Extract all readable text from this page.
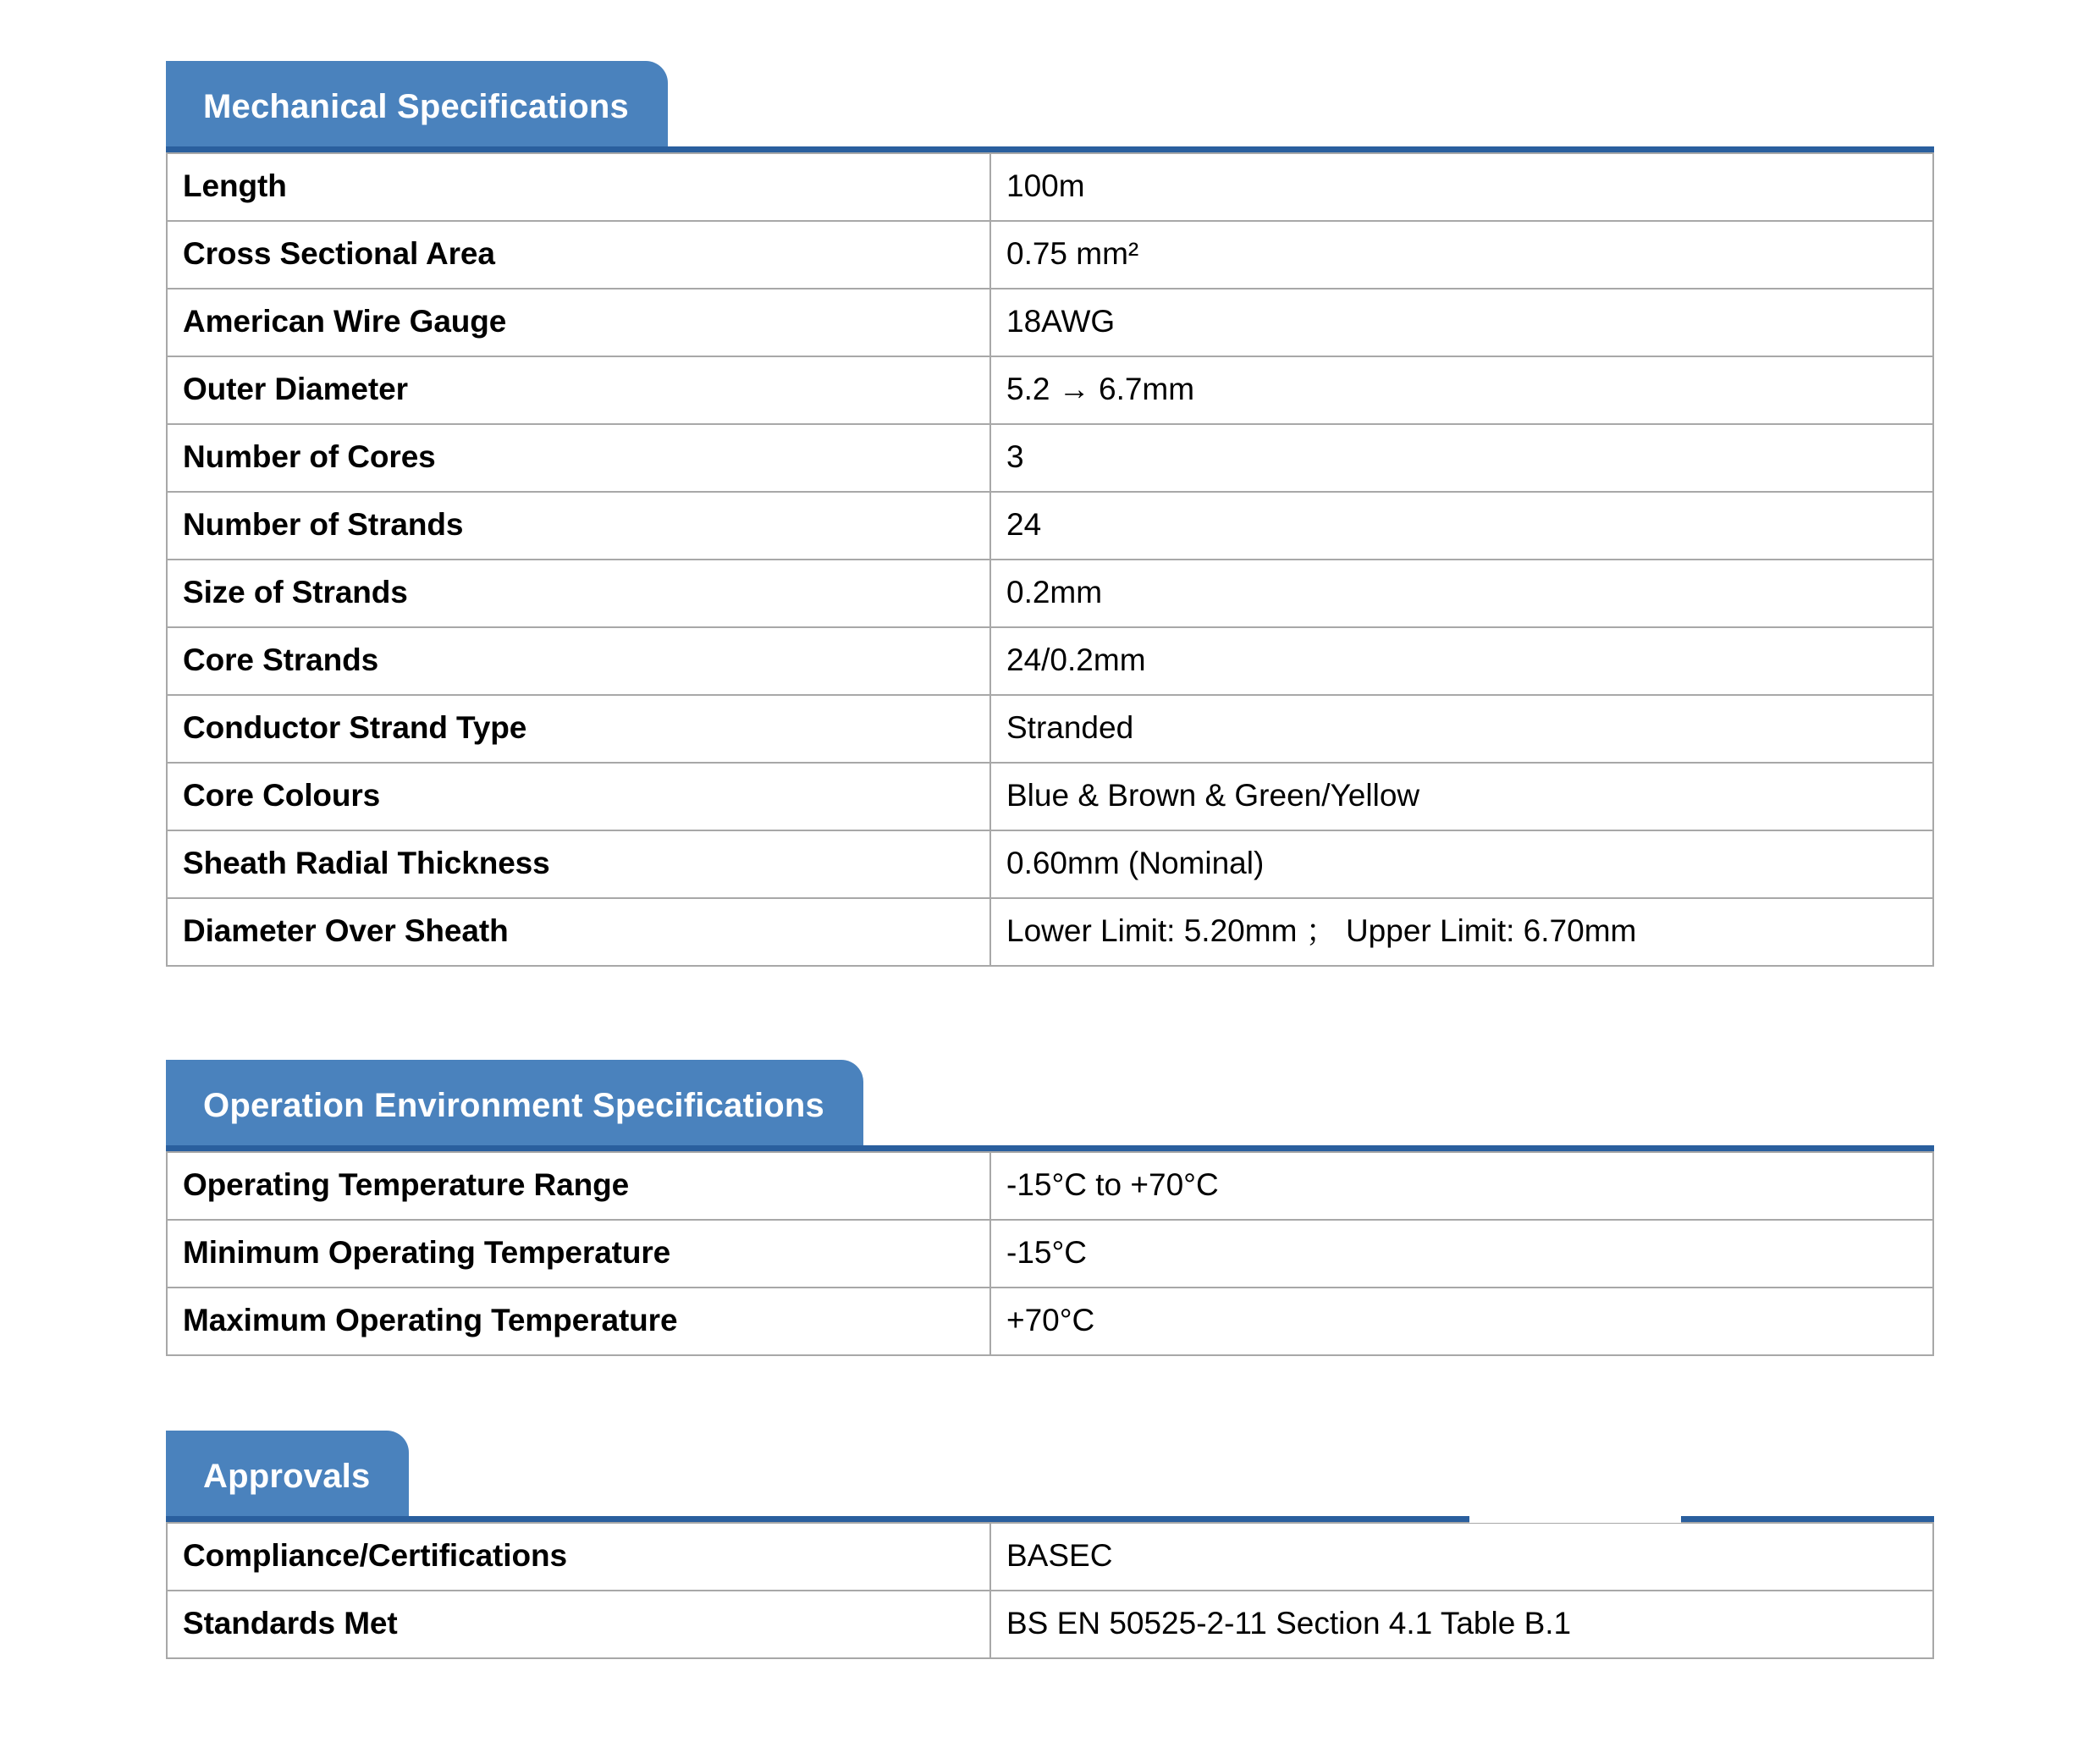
Mechanical Specifications
Length	100m
Cross Sectional Area	0.75 mm²
American Wire Gauge	18AWG
Outer Diameter	5.2 → 6.7mm
Number of Cores	3
Number of Strands	24
Size of Strands	0.2mm
Core Strands	24/0.2mm
Conductor Strand Type	Stranded
Core Colours	Blue & Brown & Green/Yellow
Sheath Radial Thickness	0.60mm (Nominal)
Diameter Over Sheath	Lower Limit: 5.20mm ； Upper Limit: 6.70mm
Operation Environment Specifications
Operating Temperature Range	-15°C to +70°C
Minimum Operating Temperature	-15°C
Maximum Operating Temperature	+70°C
Approvals
Compliance/Certifications	BASEC
Standards Met	BS EN 50525-2-11 Section 4.1 Table B.1
